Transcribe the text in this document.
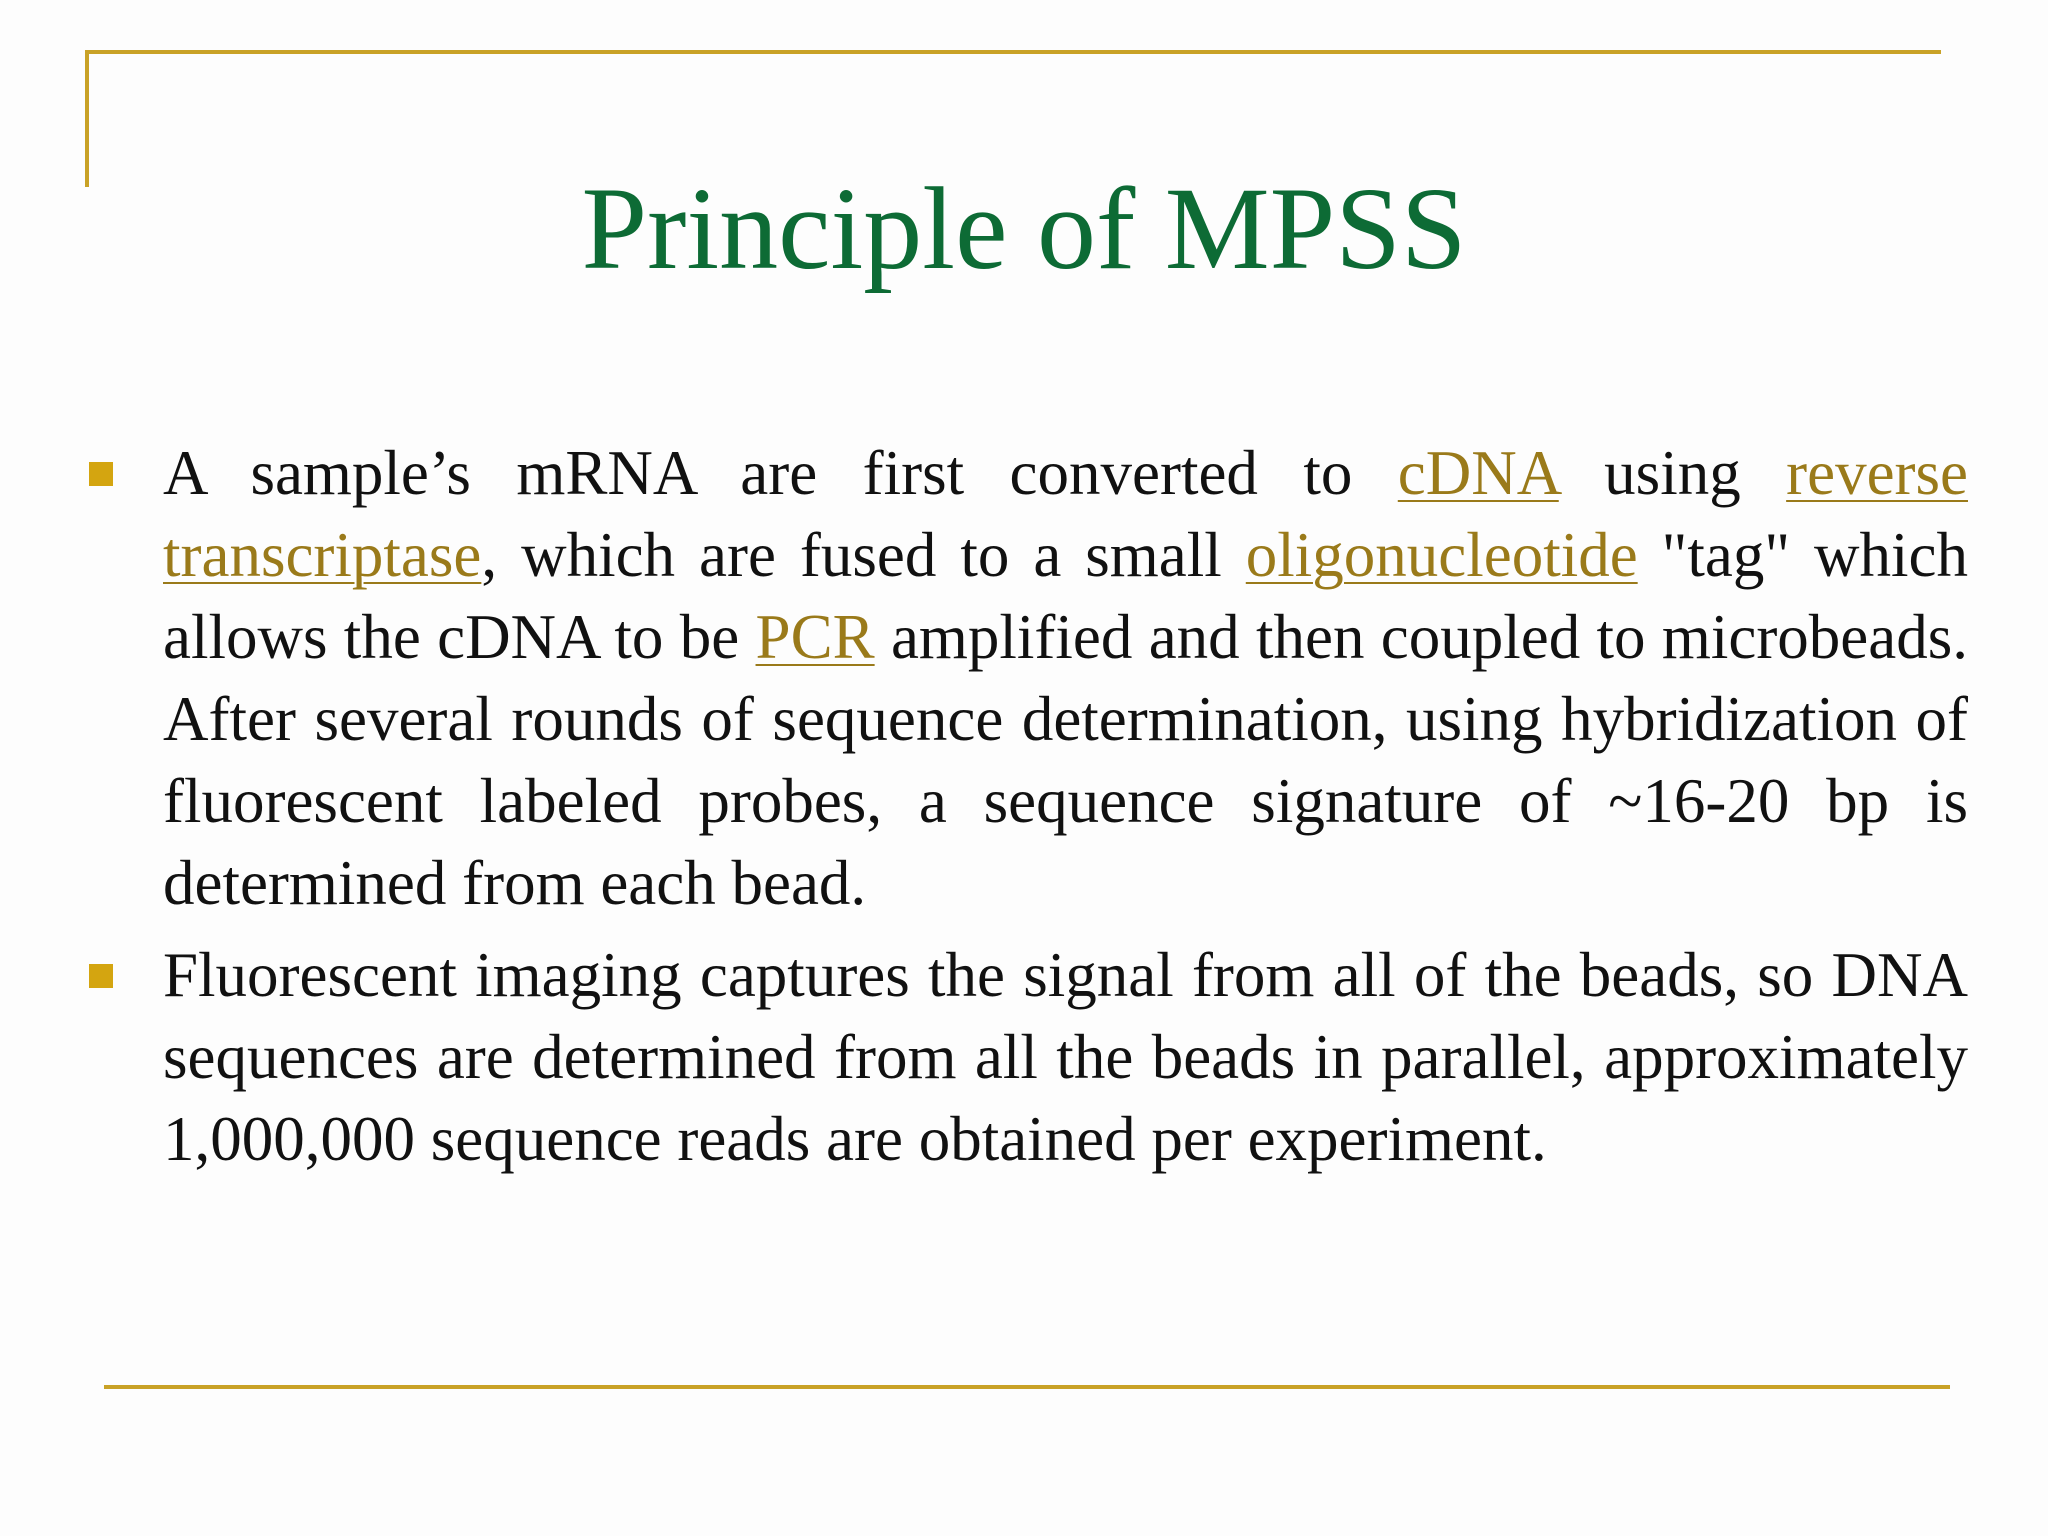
Principle of MPSS
A sample’s mRNA are first converted to cDNA using reverse transcriptase, which are fused to a small oligonucleotide "tag" which allows the cDNA to be PCR amplified and then coupled to microbeads. After several rounds of sequence determination, using hybridization of fluorescent labeled probes, a sequence signature of ~16-20 bp is determined from each bead.
Fluorescent imaging captures the signal from all of the beads, so DNA sequences are determined from all the beads in parallel, approximately 1,000,000 sequence reads are obtained per experiment.
